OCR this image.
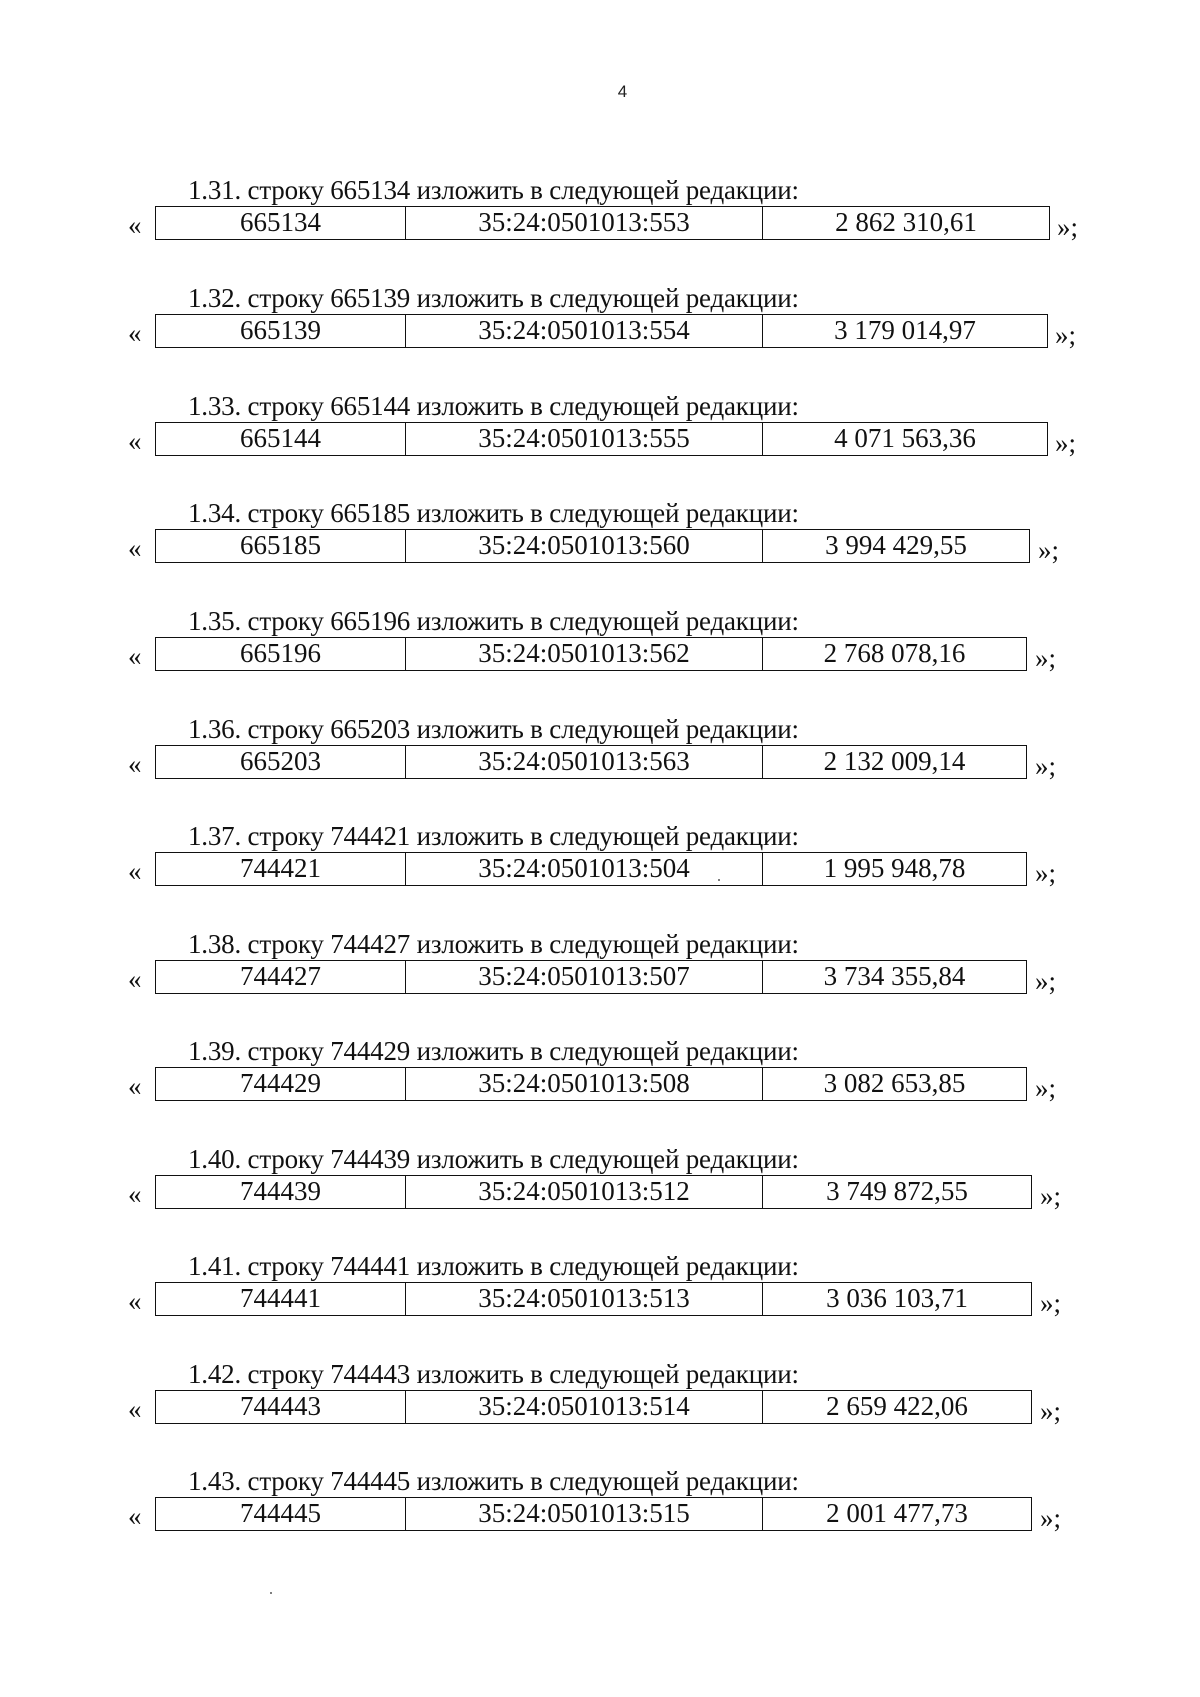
4
1.31. строку 665134 изложить в следующей редакции:
«	665134	35:24:0501013:553	2 862 310,61	»;
1.32. строку 665139 изложить в следующей редакции:
«	665139	35:24:0501013:554	3 179 014,97	»;
1.33. строку 665144 изложить в следующей редакции:
«	665144	35:24:0501013:555	4 071 563,36	»;
1.34. строку 665185 изложить в следующей редакции:
«	665185	35:24:0501013:560	3 994 429,55	»;
1.35. строку 665196 изложить в следующей редакции:
«	665196	35:24:0501013:562	2 768 078,16	»;
1.36. строку 665203 изложить в следующей редакции:
«	665203	35:24:0501013:563	2 132 009,14	»;
1.37. строку 744421 изложить в следующей редакции:
«	744421	35:24:0501013:504	1 995 948,78	»;
1.38. строку 744427 изложить в следующей редакции:
«	744427	35:24:0501013:507	3 734 355,84	»;
1.39. строку 744429 изложить в следующей редакции:
«	744429	35:24:0501013:508	3 082 653,85	»;
1.40. строку 744439 изложить в следующей редакции:
«	744439	35:24:0501013:512	3 749 872,55	»;
1.41. строку 744441 изложить в следующей редакции:
«	744441	35:24:0501013:513	3 036 103,71	»;
1.42. строку 744443 изложить в следующей редакции:
«	744443	35:24:0501013:514	2 659 422,06	»;
1.43. строку 744445 изложить в следующей редакции:
«	744445	35:24:0501013:515	2 001 477,73	»;
